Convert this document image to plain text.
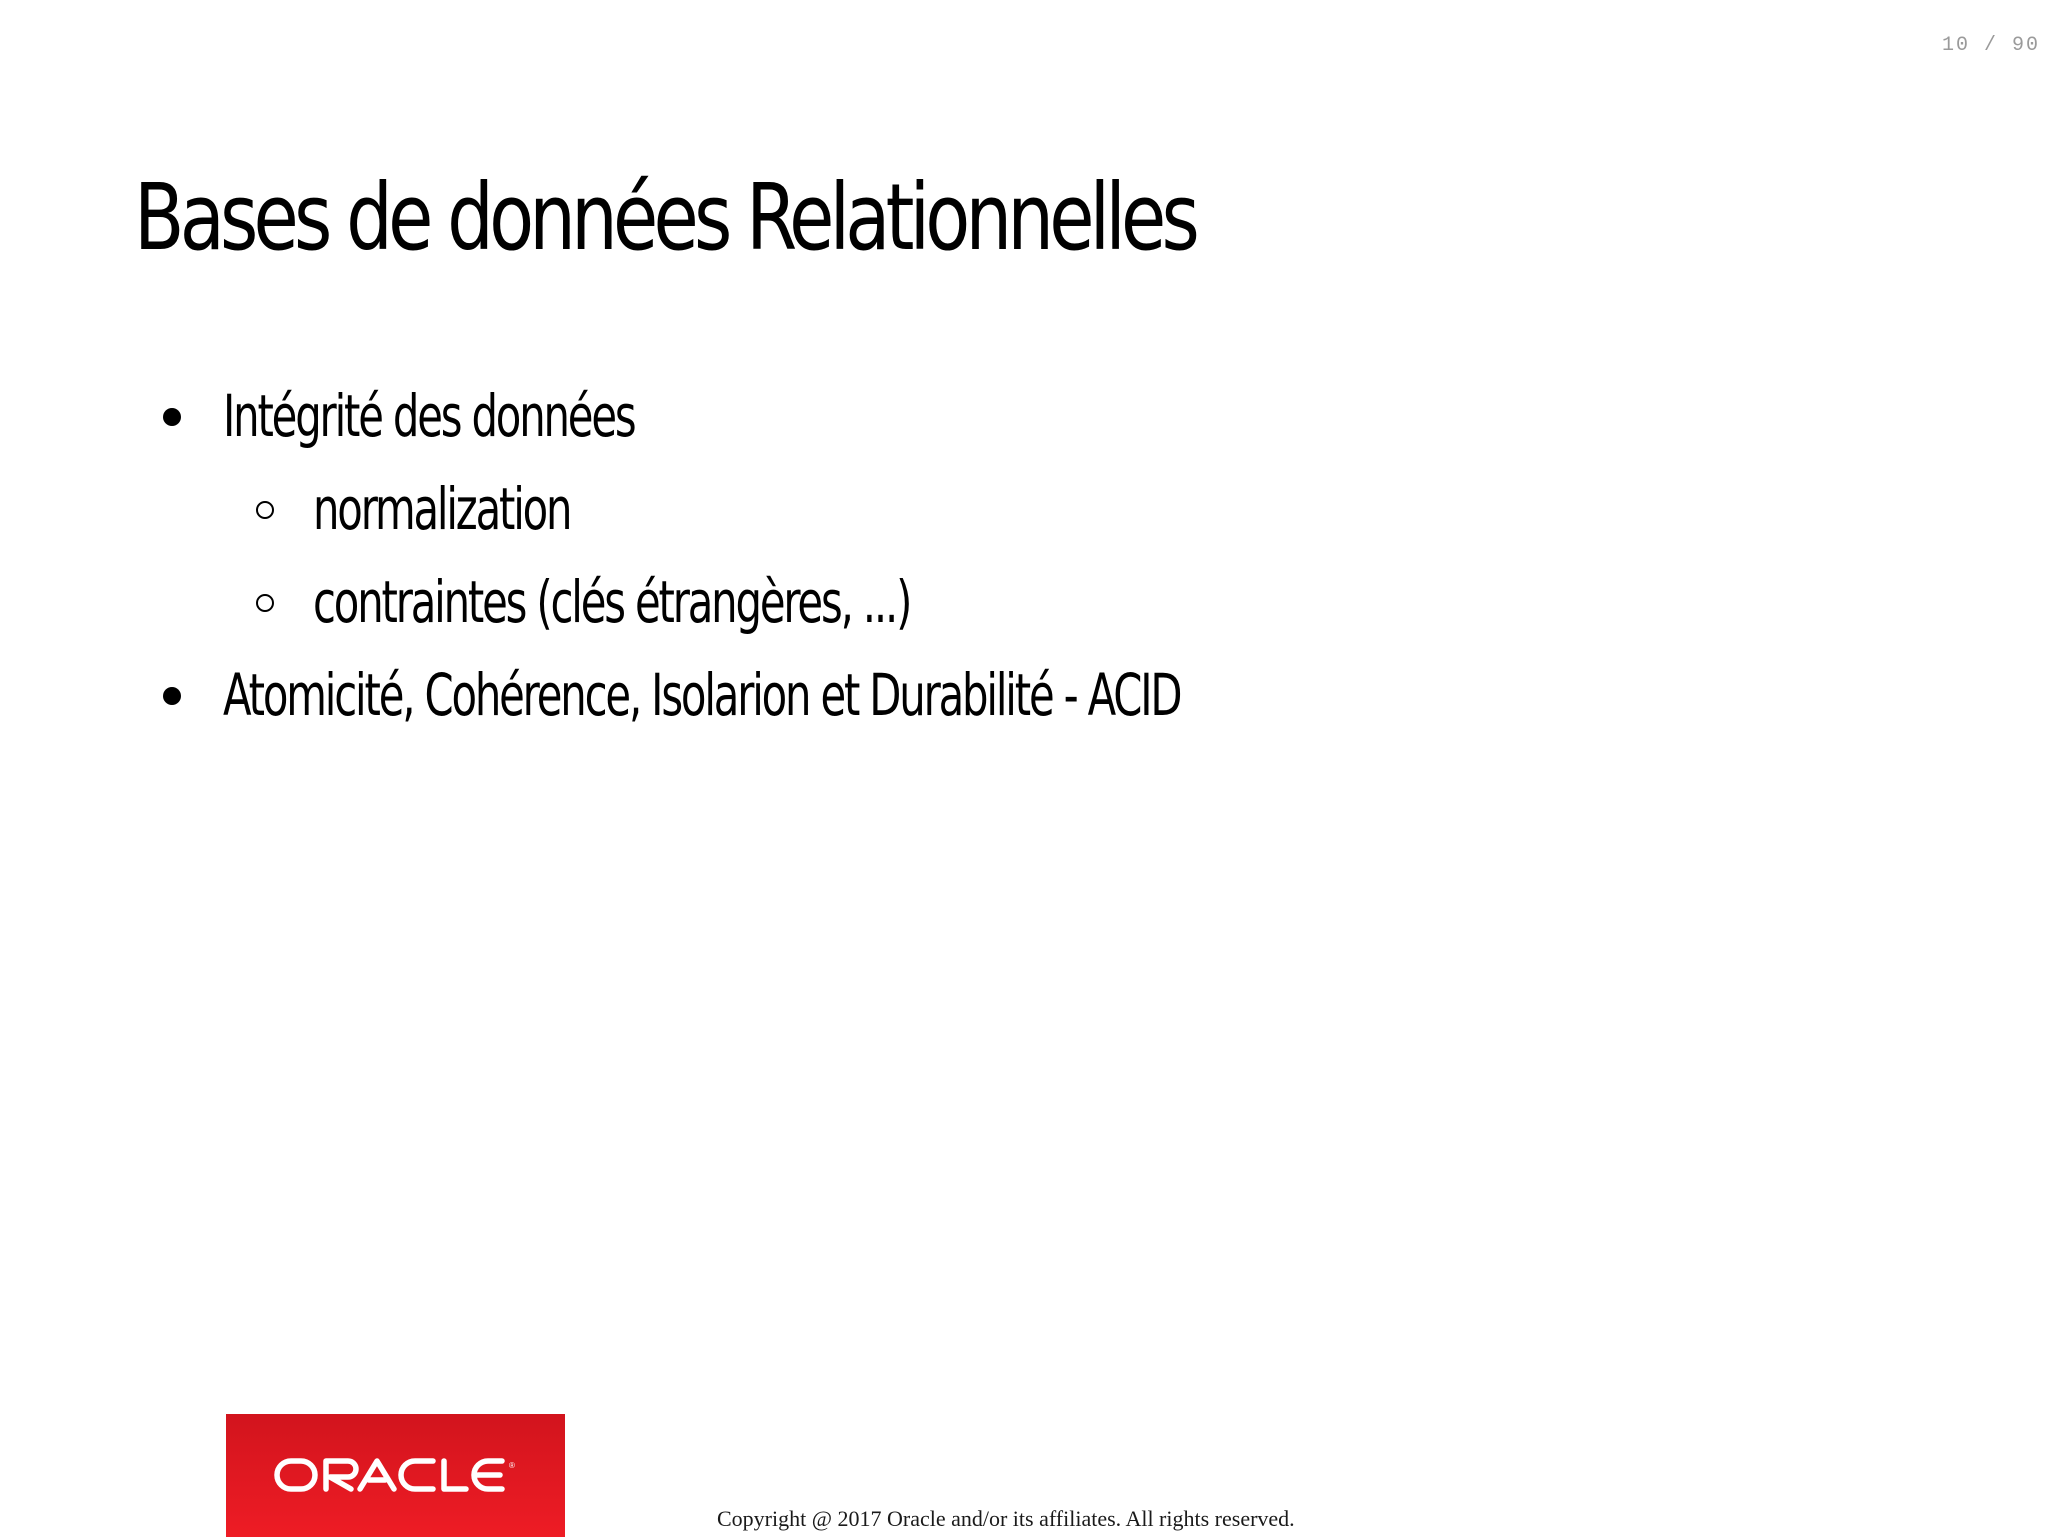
10 / 90
Bases de données Relationnelles
Intégrité des données
normalization
contraintes (clés étrangères, ...)
Atomicité, Cohérence, Isolarion et Durabilité - ACID
®
Copyright @ 2017 Oracle and/or its affiliates. All rights reserved.
